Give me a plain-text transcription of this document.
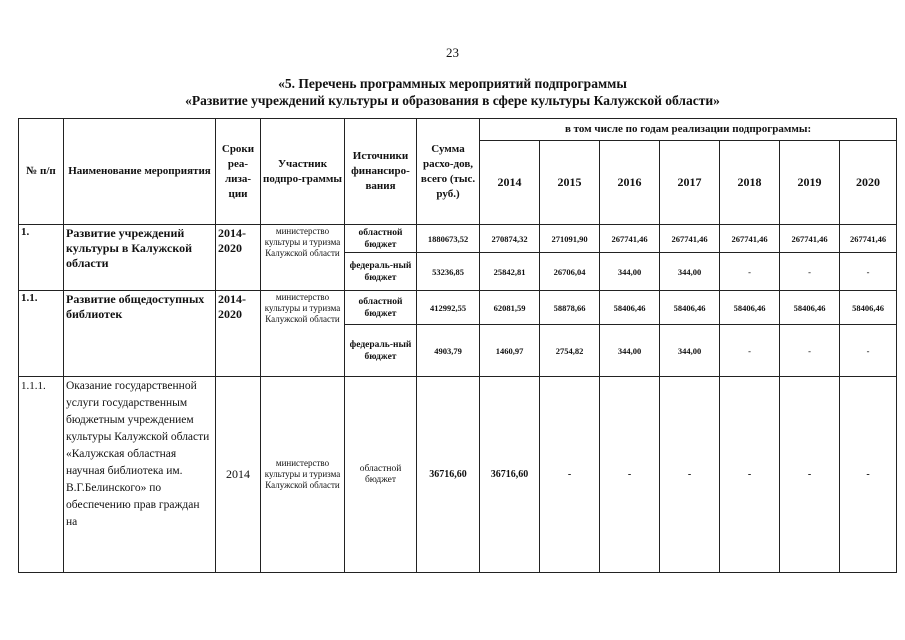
23
«5. Перечень программных мероприятий подпрограммы
«Развитие учреждений культуры и образования в сфере культуры Калужской области»
№ п/п	Наименование мероприятия	Сроки реа-лиза-ции	Участник подпро-граммы	Источники финансиро-вания	Сумма расхо-дов, всего (тыс. руб.)	в том числе по годам реализации подпрограммы:						
						2014	2015	2016	2017	2018	2019	2020
1.	Развитие учреждений культуры в Калужской области	2014-2020	министерство культуры и туризма Калужской области	областной бюджет	1880673,52	270874,32	271091,90	267741,46	267741,46	267741,46	267741,46	267741,46
				федераль-ный бюджет	53236,85	25842,81	26706,04	344,00	344,00	-	-	-
1.1.	Развитие общедоступных библиотек	2014-2020	министерство культуры и туризма Калужской области	областной бюджет	412992,55	62081,59	58878,66	58406,46	58406,46	58406,46	58406,46	58406,46
				федераль-ный бюджет	4903,79	1460,97	2754,82	344,00	344,00	-	-	-
1.1.1.	Оказание государственной услуги государственным бюджетным учреждением культуры Калужской области «Калужская областная научная библиотека им. В.Г.Белинского» по обеспечению прав граждан на	2014	министерство культуры и туризма Калужской области	областной бюджет	36716,60	36716,60	-	-	-	-	-	-
